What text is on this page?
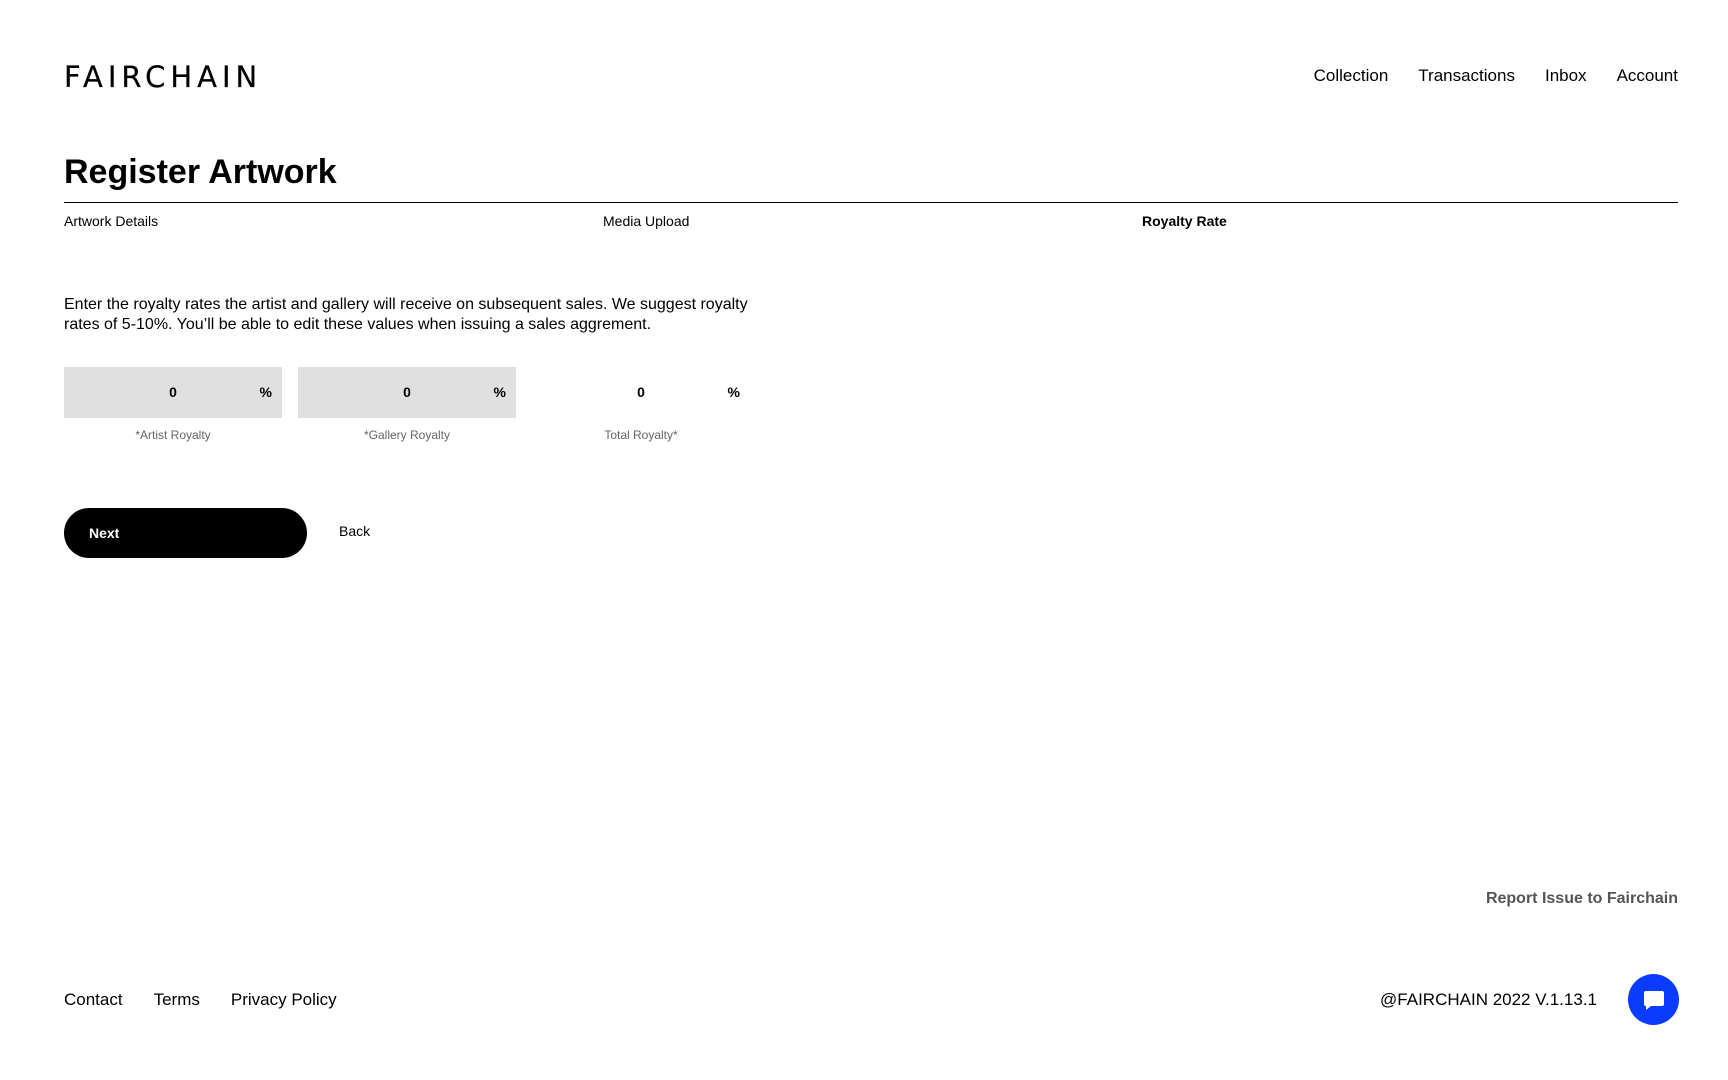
FAIRCHAIN	Collection Transactions Inbox Account
Register Artwork
Artwork Details	Media Upload	Royalty Rate

Enter the royalty rates the artist and gallery will receive on subsequent sales. We suggest royalty rates of 5-10%. You’ll be able to edit these values when issuing a sales aggrement.

0	%
*Artist Royalty
0	%
*Gallery Royalty
0	%
Total Royalty*
Next	Back
Report Issue to Fairchain
Contact Terms Privacy Policy	@FAIRCHAIN 2022 V.1.13.1
